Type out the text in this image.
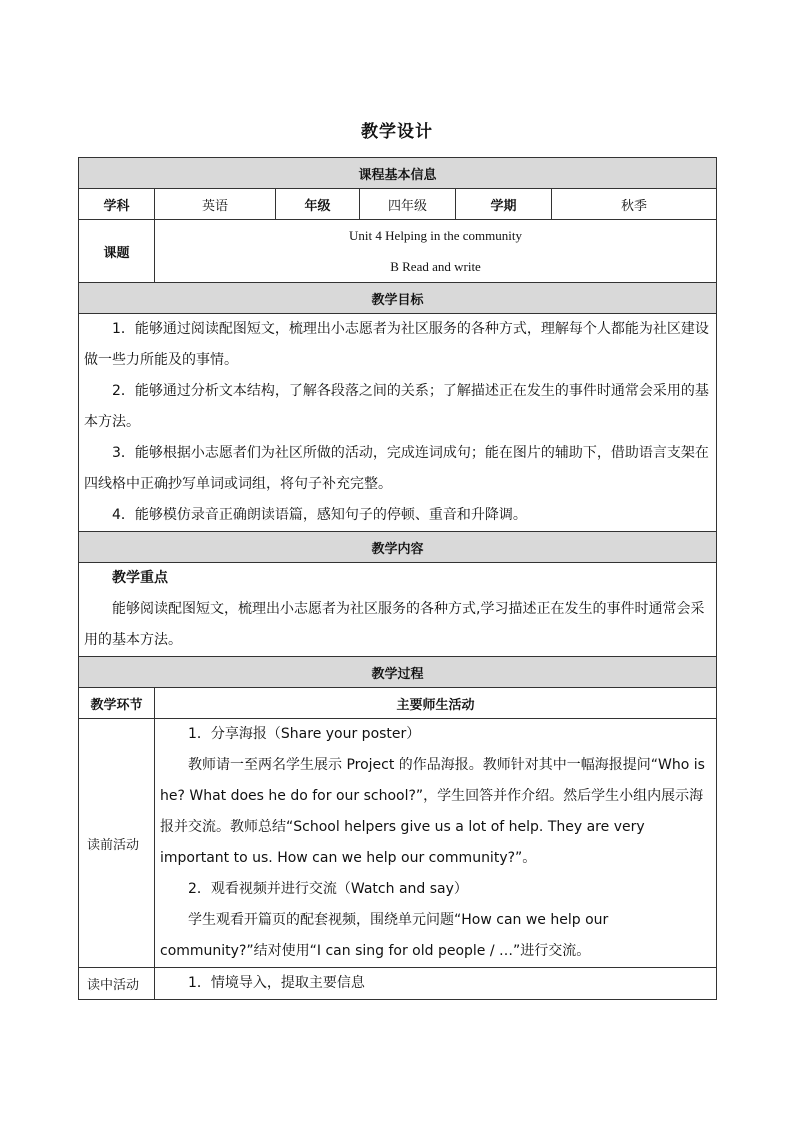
教学设计
课程基本信息					
学科	英语	年级	四年级	学期	秋季
课题	Unit 4 Helping in the community
B Read and write				

教学目标					

1．能够通过阅读配图短文，梳理出小志愿者为社区服务的各种方式，理解每个人都能为社区建设做一些力所能及的事情。

2．能够通过分析文本结构，了解各段落之间的关系；了解描述正在发生的事件时通常会采用的基本方法。

3．能够根据小志愿者们为社区所做的活动，完成连词成句；能在图片的辅助下，借助语言支架在四线格中正确抄写单词或词组，将句子补充完整。

4．能够模仿录音正确朗读语篇，感知句子的停顿、重音和升降调。					

教学内容					

教学重点

能够阅读配图短文，梳理出小志愿者为社区服务的各种方式,学习描述正在发生的事件时通常会采用的基本方法。					

教学过程					
教学环节	主要师生活动				
读前活动	1．分享海报（Share your poster）

教师请一至两名学生展示 Project 的作品海报。教师针对其中一幅海报提问“Who is he? What does he do for our school?”，学生回答并作介绍。然后学生小组内展示海报并交流。教师总结“School helpers give us a lot of help. They are very important to us. How can we help our community?”。

2．观看视频并进行交流（Watch and say）

学生观看开篇页的配套视频，围绕单元问题“How can we help our community?”结对使用“I can sing for old people / …”进行交流。				

读中活动	1．情境导入，提取主要信息				
